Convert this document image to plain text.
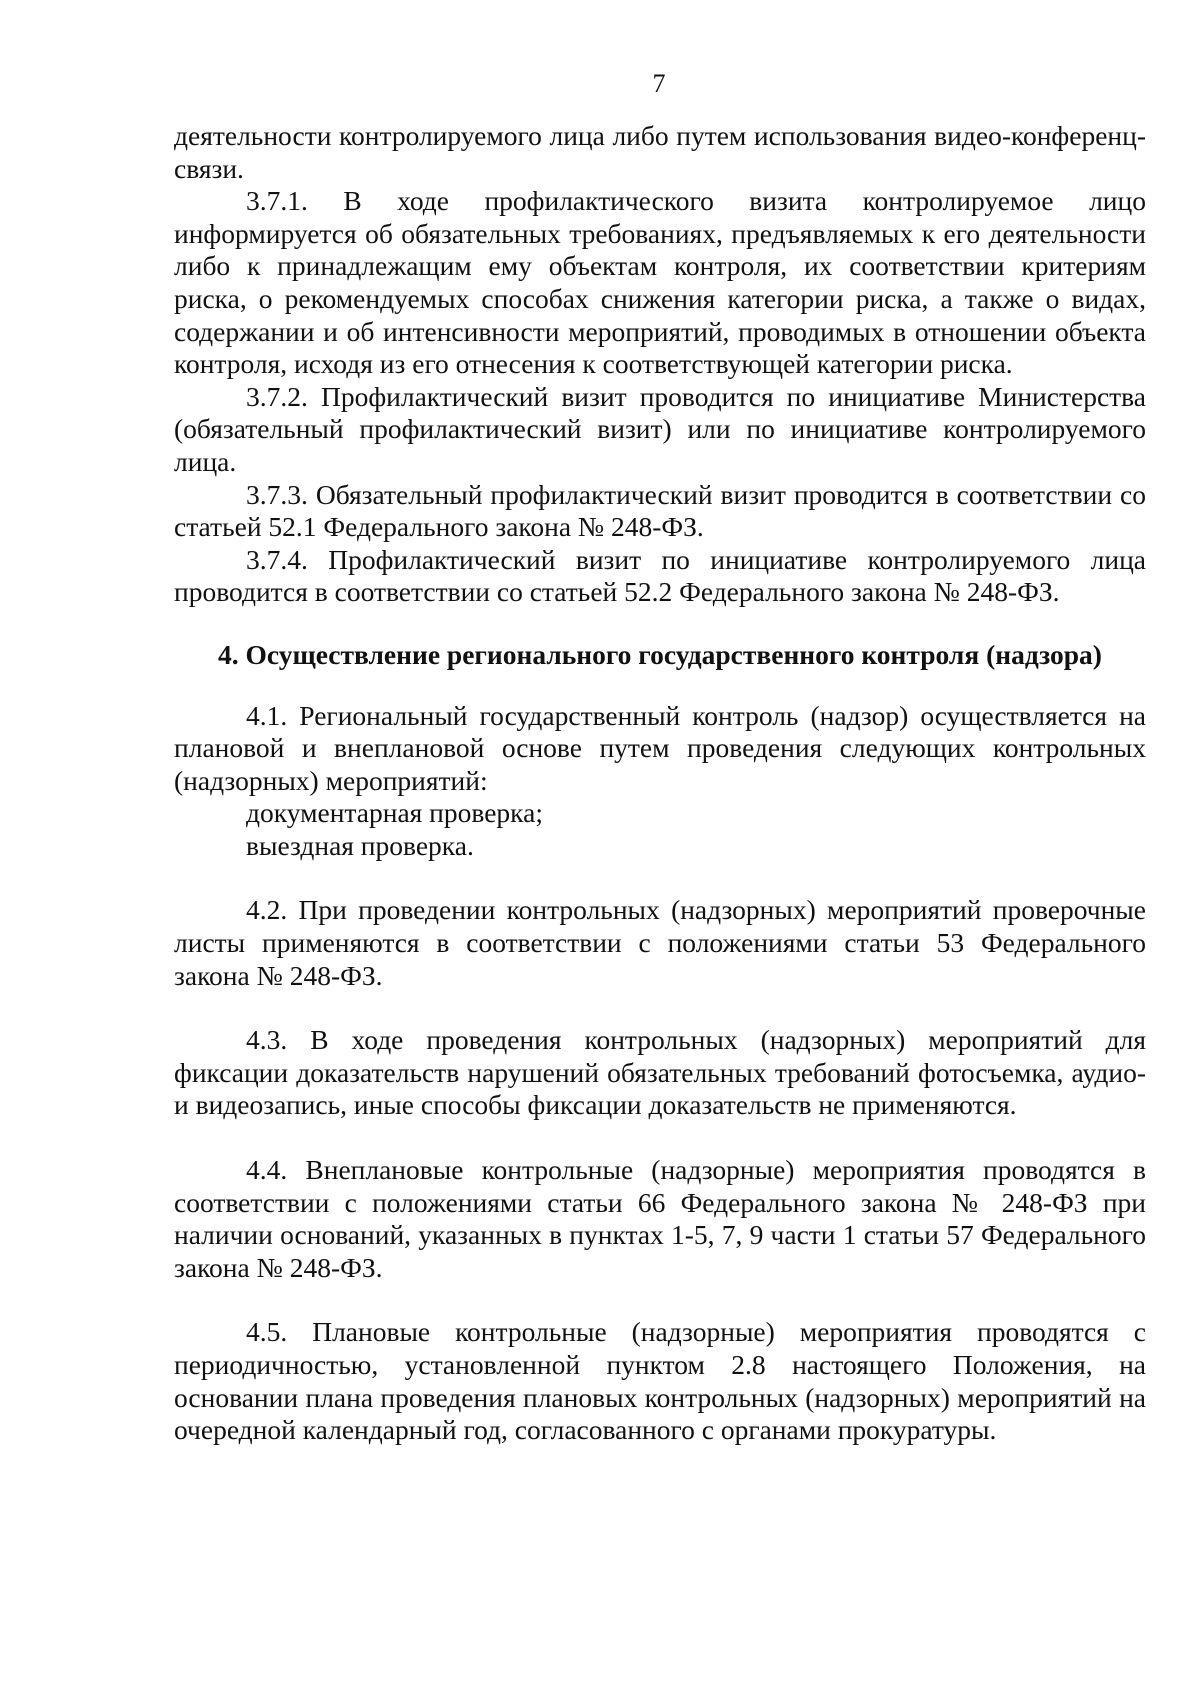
7

деятельности контролируемого лица либо путем использования видео-конференц-связи.

3.7.1. В ходе профилактического визита контролируемое лицо информируется об обязательных требованиях, предъявляемых к его деятельности либо к принадлежащим ему объектам контроля, их соответствии критериям риска, о рекомендуемых способах снижения категории риска, а также о видах, содержании и об интенсивности мероприятий, проводимых в отношении объекта контроля, исходя из его отнесения к соответствующей категории риска.

3.7.2. Профилактический визит проводится по инициативе Министерства (обязательный профилактический визит) или по инициативе контролируемого лица.

3.7.3. Обязательный профилактический визит проводится в соответствии со статьей 52.1 Федерального закона № 248-ФЗ.

3.7.4. Профилактический визит по инициативе контролируемого лица проводится в соответствии со статьей 52.2 Федерального закона № 248-ФЗ.

4. Осуществление регионального государственного контроля (надзора)

4.1. Региональный государственный контроль (надзор) осуществляется на плановой и внеплановой основе путем проведения следующих контрольных (надзорных) мероприятий:

документарная проверка;

выездная проверка.

4.2. При проведении контрольных (надзорных) мероприятий проверочные листы применяются в соответствии с положениями статьи 53 Федерального закона № 248-ФЗ.

4.3. В ходе проведения контрольных (надзорных) мероприятий для фиксации доказательств нарушений обязательных требований фотосъемка, аудио- и видеозапись, иные способы фиксации доказательств не применяются.

4.4. Внеплановые контрольные (надзорные) мероприятия проводятся в соответствии с положениями статьи 66 Федерального закона № 248-ФЗ при наличии оснований, указанных в пунктах 1-5, 7, 9 части 1 статьи 57 Федерального закона № 248-ФЗ.

4.5. Плановые контрольные (надзорные) мероприятия проводятся с периодичностью, установленной пунктом 2.8 настоящего Положения, на основании плана проведения плановых контрольных (надзорных) мероприятий на очередной календарный год, согласованного с органами прокуратуры.
